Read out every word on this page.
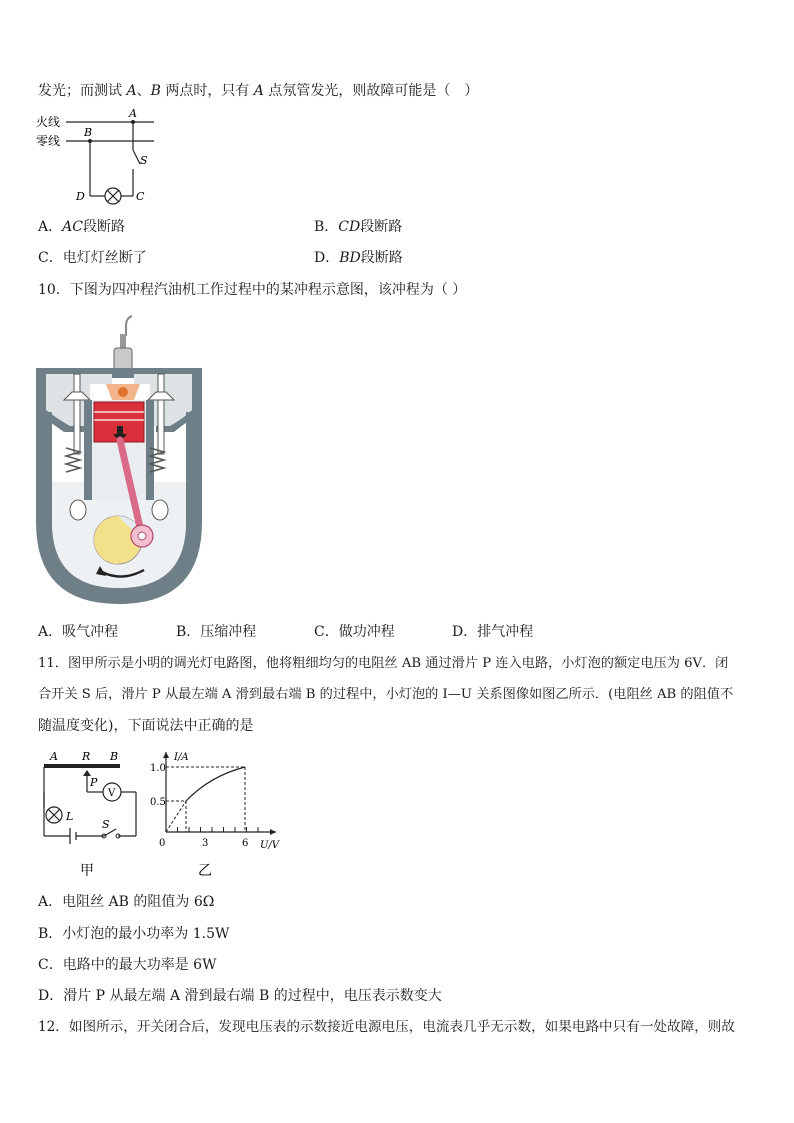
发光；而测试 A、B 两点时，只有 A 点氖管发光，则故障可能是（　）
火线
零线
A
B
S
D	C
A．AC段断路	B．CD段断路
C．电灯灯丝断了	D．BD段断路
10．下图为四冲程汽油机工作过程中的某冲程示意图，该冲程为（ ）
A．吸气冲程	B．压缩冲程	C．做功冲程	D．排气冲程
11．图甲所示是小明的调光灯电路图，他将粗细均匀的电阻丝 AB 通过滑片 P 连入电路，小灯泡的额定电压为 6V．闭
合开关 S 后，滑片 P 从最左端 A 滑到最右端 B 的过程中，小灯泡的 I—U 关系图像如图乙所示．(电阻丝 AB 的阻值不
随温度变化)，下面说法中正确的是
A R B
P
V
L
S
甲
I/A
U/V
1.0
0.5
0	3	6
乙
A．电阻丝 AB 的阻值为 6Ω
B．小灯泡的最小功率为 1.5W
C．电路中的最大功率是 6W
D．滑片 P 从最左端 A 滑到最右端 B 的过程中，电压表示数变大
12．如图所示，开关闭合后，发现电压表的示数接近电源电压，电流表几乎无示数，如果电路中只有一处故障，则故
